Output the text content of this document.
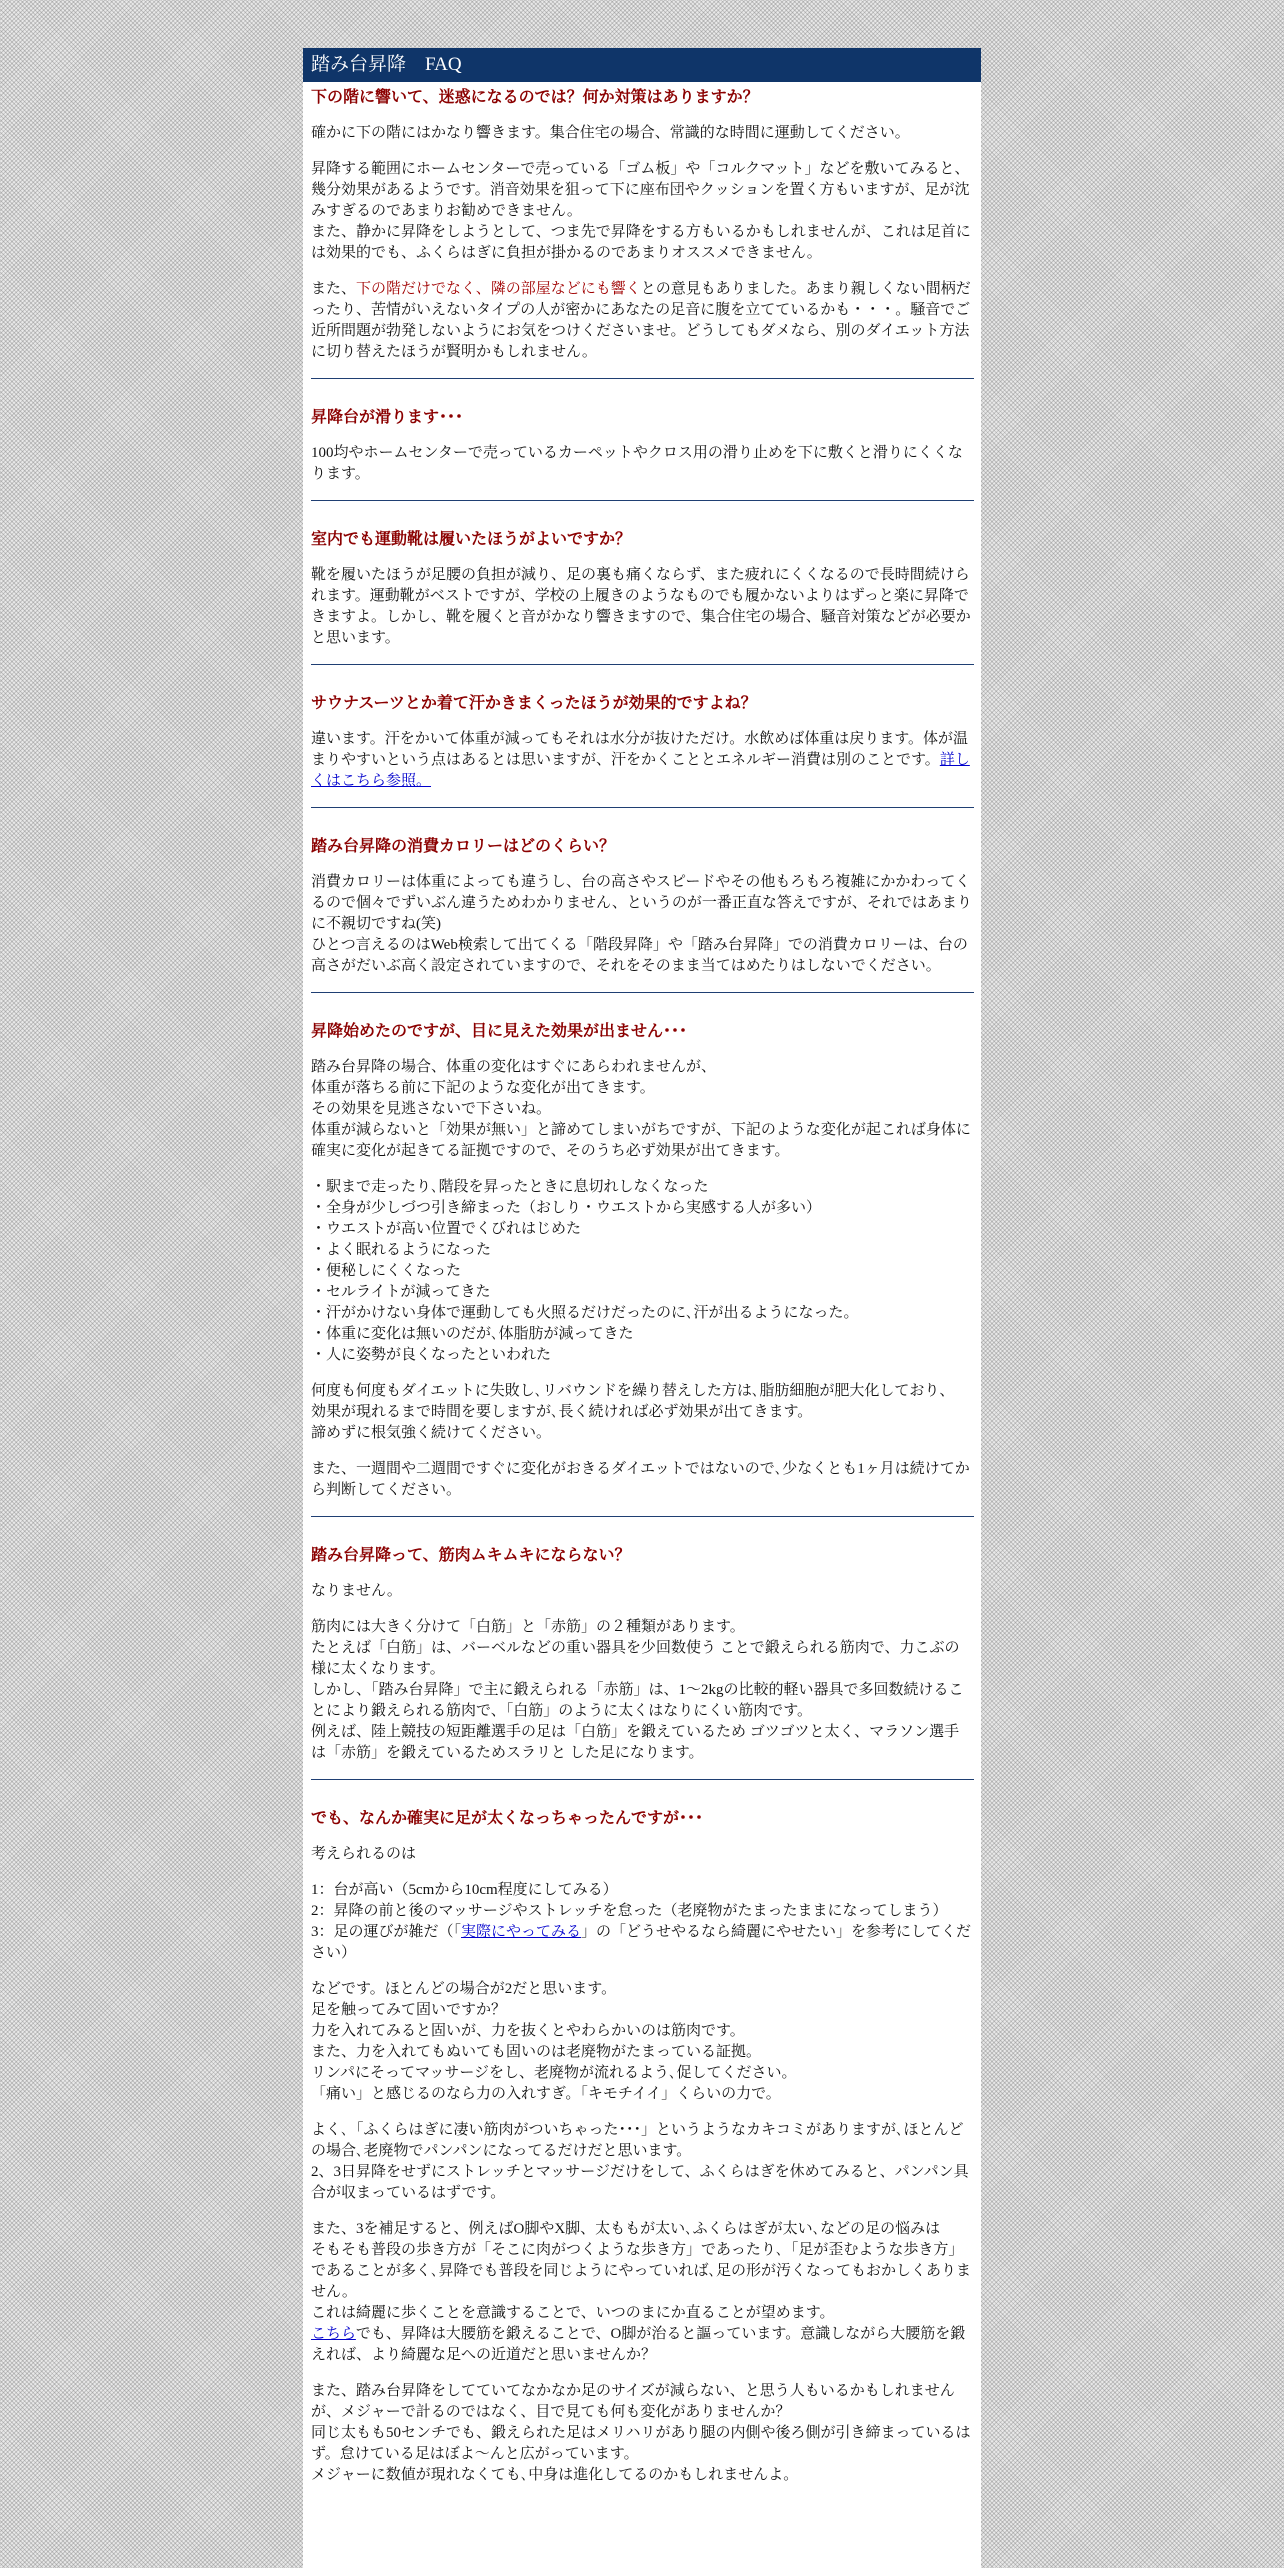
踏み台昇降　FAQ
下の階に響いて、迷惑になるのでは？何か対策はありますか？
確かに下の階にはかなり響きます。集合住宅の場合、常識的な時間に運動してください。
昇降する範囲にホームセンターで売っている「ゴム板」や「コルクマット」などを敷いてみると、幾分効果があるようです。消音効果を狙って下に座布団やクッションを置く方もいますが、足が沈みすぎるのであまりお勧めできません。
また、静かに昇降をしようとして、つま先で昇降をする方もいるかもしれませんが、これは足首には効果的でも、ふくらはぎに負担が掛かるのであまりオススメできません。
また、下の階だけでなく、隣の部屋などにも響くとの意見もありました。あまり親しくない間柄だったり、苦情がいえないタイプの人が密かにあなたの足音に腹を立てているかも・・・。騒音でご近所問題が勃発しないようにお気をつけくださいませ。どうしてもダメなら、別のダイエット方法に切り替えたほうが賢明かもしれません。
昇降台が滑ります･･･
100均やホームセンターで売っているカーペットやクロス用の滑り止めを下に敷くと滑りにくくなります。
室内でも運動靴は履いたほうがよいですか？
靴を履いたほうが足腰の負担が減り、足の裏も痛くならず、また疲れにくくなるので長時間続けられます。運動靴がベストですが、学校の上履きのようなものでも履かないよりはずっと楽に昇降できますよ。しかし、靴を履くと音がかなり響きますので、集合住宅の場合、騒音対策などが必要かと思います。
サウナスーツとか着て汗かきまくったほうが効果的ですよね？
違います。汗をかいて体重が減ってもそれは水分が抜けただけ。水飲めば体重は戻ります。体が温まりやすいという点はあるとは思いますが、汗をかくこととエネルギー消費は別のことです。詳しくはこちら参照。
踏み台昇降の消費カロリーはどのくらい？
消費カロリーは体重によっても違うし、台の高さやスピードやその他もろもろ複雑にかかわってくるので個々でずいぶん違うためわかりません、というのが一番正直な答えですが、それではあまりに不親切ですね(笑)
ひとつ言えるのはWeb検索して出てくる「階段昇降」や「踏み台昇降」での消費カロリーは、台の高さがだいぶ高く設定されていますので、それをそのまま当てはめたりはしないでください。
昇降始めたのですが、目に見えた効果が出ません･･･
踏み台昇降の場合、体重の変化はすぐにあらわれませんが、
体重が落ちる前に下記のような変化が出てきます。
その効果を見逃さないで下さいね。
体重が減らないと「効果が無い」と諦めてしまいがちですが、下記のような変化が起これば身体に確実に変化が起きてる証拠ですので、そのうち必ず効果が出てきます。
・駅まで走ったり､階段を昇ったときに息切れしなくなった
・全身が少しづつ引き締まった（おしり・ウエストから実感する人が多い）
・ウエストが高い位置でくびれはじめた
・よく眠れるようになった
・便秘しにくくなった
・セルライトが減ってきた
・汗がかけない身体で運動しても火照るだけだったのに､汗が出るようになった。
・体重に変化は無いのだが､体脂肪が減ってきた
・人に姿勢が良くなったといわれた
何度も何度もダイエットに失敗し､リバウンドを繰り替えした方は､脂肪細胞が肥大化しており、
効果が現れるまで時間を要しますが､長く続ければ必ず効果が出てきます。
諦めずに根気強く続けてください。
また、一週間や二週間ですぐに変化がおきるダイエットではないので､少なくとも1ヶ月は続けてから判断してください。
踏み台昇降って、筋肉ムキムキにならない？
なりません。
筋肉には大きく分けて「白筋」と「赤筋」の２種類があります。
たとえば「白筋」は、バーベルなどの重い器具を少回数使う ことで鍛えられる筋肉で、力こぶの様に太くなります。
しかし、「踏み台昇降」で主に鍛えられる「赤筋」は、1～2kgの比較的軽い器具で多回数続けることにより鍛えられる筋肉で、「白筋」のように太くはなりにくい筋肉です。
例えば、陸上競技の短距離選手の足は「白筋」を鍛えているため ゴツゴツと太く、マラソン選手は「赤筋」を鍛えているためスラリと した足になります。
でも、なんか確実に足が太くなっちゃったんですが･･･
考えられるのは
1：台が高い（5cmから10cm程度にしてみる）
2：昇降の前と後のマッサージやストレッチを怠った（老廃物がたまったままになってしまう）
3：足の運びが雑だ（「実際にやってみる」の「どうせやるなら綺麗にやせたい」を参考にしてください）
などです。ほとんどの場合が2だと思います。
足を触ってみて固いですか？
力を入れてみると固いが、力を抜くとやわらかいのは筋肉です。
また、力を入れてもぬいても固いのは老廃物がたまっている証拠。
リンパにそってマッサージをし、老廃物が流れるよう､促してください。
「痛い」と感じるのなら力の入れすぎ。「キモチイイ」くらいの力で。
よく､「ふくらはぎに凄い筋肉がついちゃった･･･」というようなカキコミがありますが､ほとんどの場合､老廃物でパンパンになってるだけだと思います。
2、3日昇降をせずにストレッチとマッサージだけをして、ふくらはぎを休めてみると、パンパン具合が収まっているはずです。
また、3を補足すると、例えばO脚やX脚、太ももが太い､ふくらはぎが太い､などの足の悩みは
そもそも普段の歩き方が「そこに肉がつくような歩き方」であったり､「足が歪むような歩き方」であることが多く､昇降でも普段を同じようにやっていれば､足の形が汚くなってもおかしくありません。
これは綺麗に歩くことを意識することで、いつのまにか直ることが望めます。
こちらでも、昇降は大腰筋を鍛えることで、O脚が治ると謳っています。意識しながら大腰筋を鍛えれば、より綺麗な足への近道だと思いませんか？
また、踏み台昇降をしてていてなかなか足のサイズが減らない、と思う人もいるかもしれませんが、メジャーで計るのではなく、目で見ても何も変化がありませんか？
同じ太もも50センチでも、鍛えられた足はメリハリがあり腿の内側や後ろ側が引き締まっているはず。怠けている足はぼよ～んと広がっています。
メジャーに数値が現れなくても､中身は進化してるのかもしれませんよ。
